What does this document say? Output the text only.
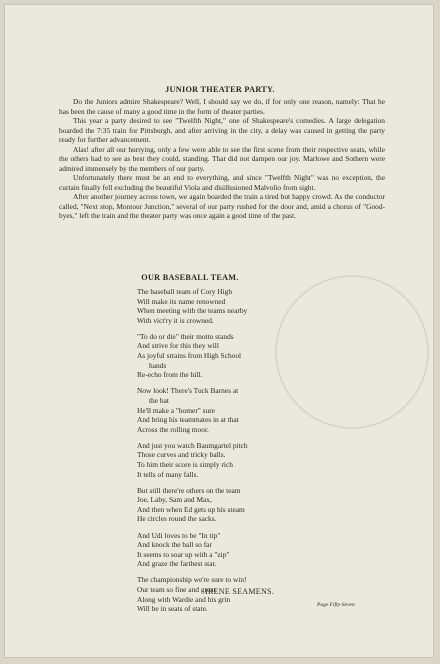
JUNIOR THEATER PARTY.

Do the Juniors admire Shakespeare? Well, I should say we do, if for only one reason, namely: That he has been the cause of many a good time in the form of theater parties.

This year a party desired to see "Twelfth Night," one of Shakespeare's comedies. A large delegation boarded the 7:35 train for Pittsburgh, and after arriving in the city, a delay was caused in getting the party ready for further advancement.

Alas! after all our hurrying, only a few were able to see the first scene from their respective seats, while the others had to see as best they could, standing. That did not dampen our joy. Marlowe and Sothern were admired immensely by the members of our party.

Unfortunately there must be an end to everything, and since "Twelfth Night" was no exception, the curtain finally fell excluding the beautiful Viola and disillusioned Malvolio from sight.

After another journey across town, we again boarded the train a tired but happy crowd. As the conductor called, "Next stop, Montour Junction," several of our party rushed for the door and, amid a chorus of "Good-byes," left the train and the theater party was once again a good time of the past.

OUR BASEBALL TEAM.
The baseball team of Cory High
Will make its name renowned
When meeting with the teams nearby
With vict'ry it is crowned.
"To do or die" their motto stands
And strive for this they will
As joyful strains from High School
hands
Re-echo from the hill.
Now look! There's Tuck Barnes at
the bat
He'll make a "homer" sure
And bring his teammates in at that
Across the rolling moor.
And just you watch Baumgartel pitch
Those curves and tricky balls.
To him their score is simply rich
It tells of many falls.
But still there're others on the team
Joe, Laby, Sam and Max,
And then when Ed gets up his steam
He circles round the sacks.
And Udi loves to be "In tip"
And knock the ball so far
It seems to soar up with a "zip"
And graze the farthest star.
The championship we're sure to win!
Our team so fine and great
Along with Wardie and his grin
Will be in seats of state.
IRENE SEAMENS.
Page Fifty-Seven
